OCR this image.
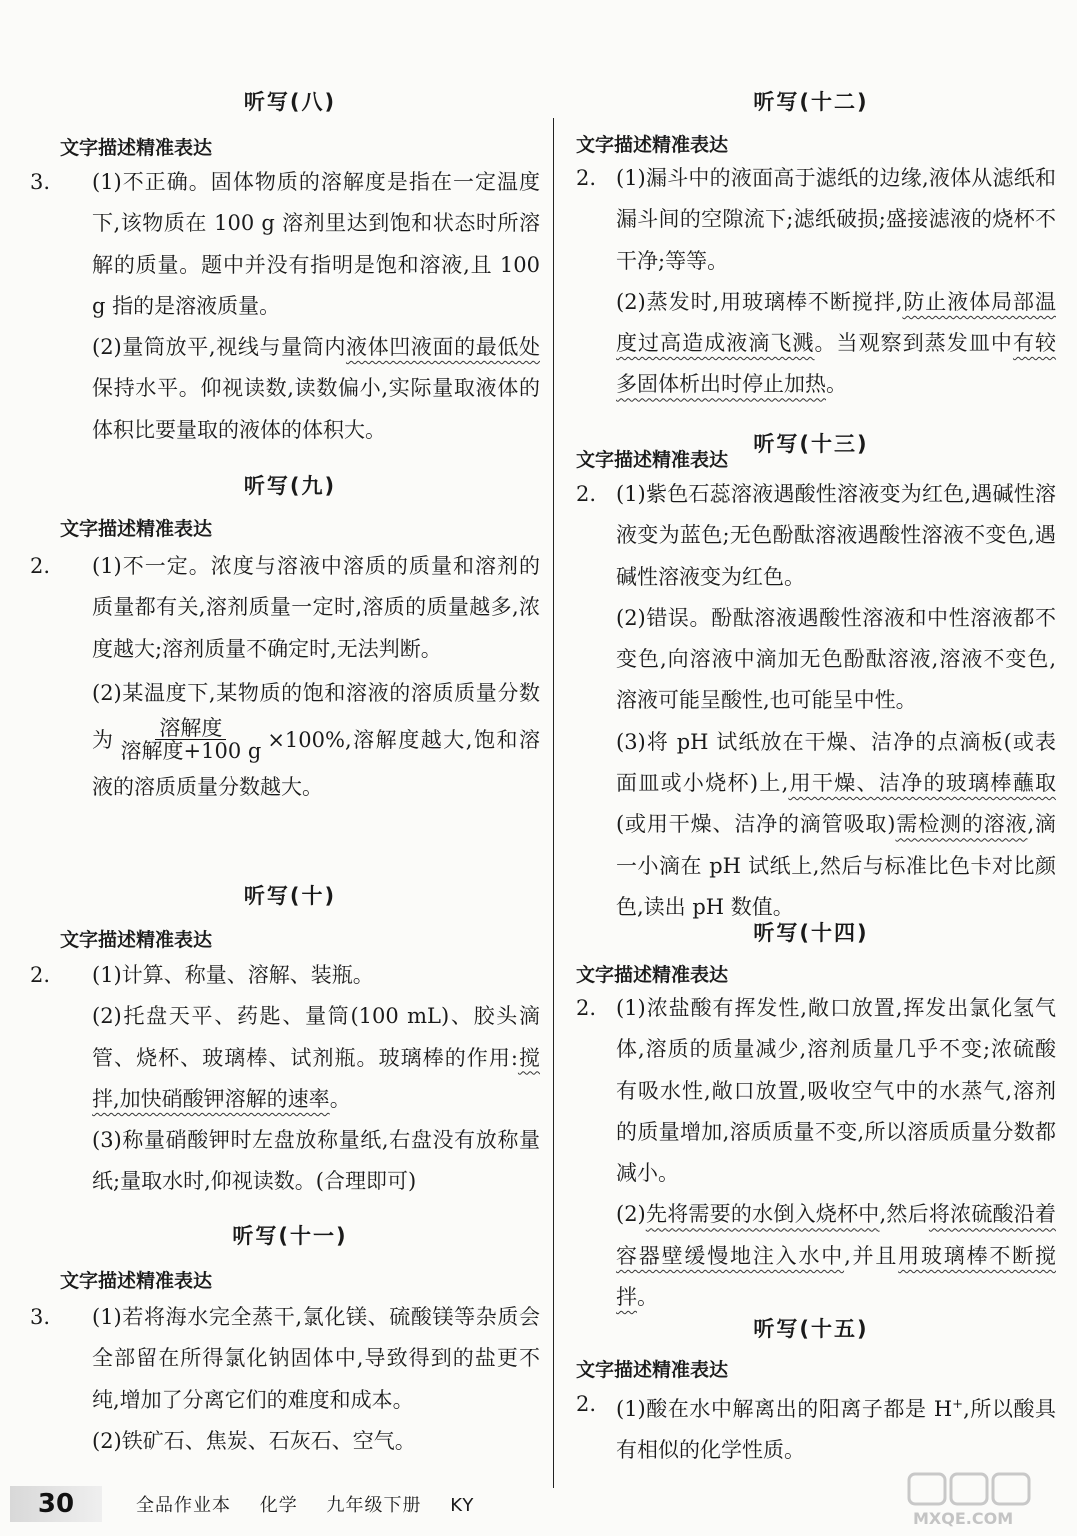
听写(八)
文字描述精准表达
3. (1)不正确。固体物质的溶解度是指在一定温度下,该物质在 100 g 溶剂里达到饱和状态时所溶解的质量。题中并没有指明是饱和溶液,且 100 g 指的是溶液质量。

(2)量筒放平,视线与量筒内液体凹液面的最低处保持水平。仰视读数,读数偏小,实际量取液体的体积比要量取的液体的体积大。

听写(九)
文字描述精准表达
2. (1)不一定。浓度与溶液中溶质的质量和溶剂的质量都有关,溶剂质量一定时,溶质的质量越多,浓度越大;溶剂质量不确定时,无法判断。

(2)某温度下,某物质的饱和溶液的溶质质量分数为 $\frac{\text{溶解度}}{\text{溶解度+100 g}} \times 100\%$,溶解度越大,饱和溶液的溶质质量分数越大。

听写(十)
文字描述精准表达
2. (1)计算、称量、溶解、装瓶。

(2)托盘天平、药匙、量筒(100 mL)、胶头滴管、烧杯、玻璃棒、试剂瓶。玻璃棒的作用:搅拌,加快硝酸钾溶解的速率。

(3)称量硝酸钾时左盘放称量纸,右盘没有放称量纸;量取水时,仰视读数。(合理即可)

听写(十一)
文字描述精准表达
3. (1)若将海水完全蒸干,氯化镁、硫酸镁等杂质会全部留在所得氯化钠固体中,导致得到的盐更不纯,增加了分离它们的难度和成本。

(2)铁矿石、焦炭、石灰石、空气。

听写(十二)
文字描述精准表达
2. (1)漏斗中的液面高于滤纸的边缘,液体从滤纸和漏斗间的空隙流下;滤纸破损;盛接滤液的烧杯不干净;等等。

(2)蒸发时,用玻璃棒不断搅拌,防止液体局部温度过高造成液滴飞溅。当观察到蒸发皿中有较多固体析出时停止加热。

听写(十三)
文字描述精准表达
2. (1)紫色石蕊溶液遇酸性溶液变为红色,遇碱性溶液变为蓝色;无色酚酞溶液遇酸性溶液不变色,遇碱性溶液变为红色。

(2)错误。酚酞溶液遇酸性溶液和中性溶液都不变色,向溶液中滴加无色酚酞溶液,溶液不变色,溶液可能呈酸性,也可能呈中性。

(3)将 pH 试纸放在干燥、洁净的点滴板(或表面皿或小烧杯)上,用干燥、洁净的玻璃棒蘸取(或用干燥、洁净的滴管吸取)需检测的溶液,滴一小滴在 pH 试纸上,然后与标准比色卡对比颜色,读出 pH 数值。

听写(十四)
文字描述精准表达
2. (1)浓盐酸有挥发性,敞口放置,挥发出氯化氢气体,溶质的质量减少,溶剂质量几乎不变;浓硫酸有吸水性,敞口放置,吸收空气中的水蒸气,溶剂的质量增加,溶质质量不变,所以溶质质量分数都减小。

(2)先将需要的水倒入烧杯中,然后将浓硫酸沿着容器壁缓慢地注入水中,并且用玻璃棒不断搅拌。

听写(十五)
文字描述精准表达
2. (1)酸在水中解离出的阳离子都是 H+,所以酸具有相似的化学性质。

30	全品作业本 化学 九年级下册 KY
MXQE.COM
